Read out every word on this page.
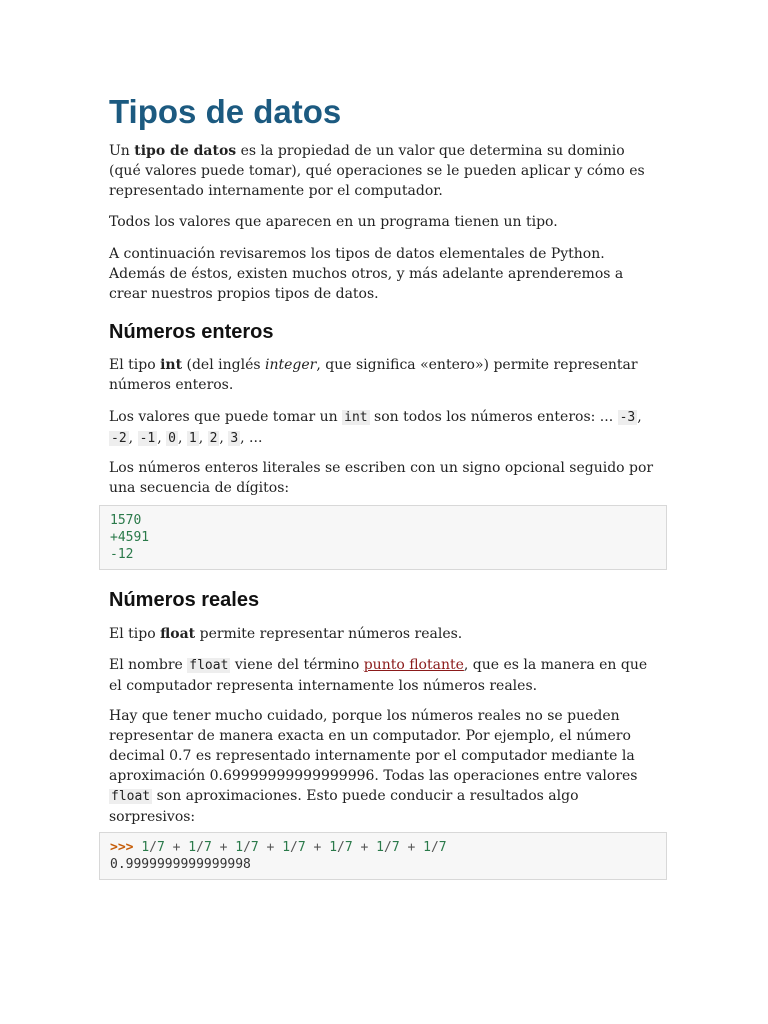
Tipos de datos

Un tipo de datos es la propiedad de un valor que determina su dominio (qué valores puede tomar), qué operaciones se le pueden aplicar y cómo es representado internamente por el computador.

Todos los valores que aparecen en un programa tienen un tipo.

A continuación revisaremos los tipos de datos elementales de Python. Además de éstos, existen muchos otros, y más adelante aprenderemos a crear nuestros propios tipos de datos.

Números enteros

El tipo int (del inglés integer, que significa «entero») permite representar números enteros.

Los valores que puede tomar un int son todos los números enteros: ... -3 , -2 , -1 , 0 , 1 , 2 , 3 , ...

Los números enteros literales se escriben con un signo opcional seguido por una secuencia de dígitos:

1570
+4591
-12
Números reales

El tipo float permite representar números reales.

El nombre float viene del término punto flotante, que es la manera en que el computador representa internamente los números reales.

Hay que tener mucho cuidado, porque los números reales no se pueden representar de manera exacta en un computador. Por ejemplo, el número decimal 0.7 es representado internamente por el computador mediante la aproximación 0.69999999999999996. Todas las operaciones entre valores float son aproximaciones. Esto puede conducir a resultados algo sorpresivos:

>>> 1/7 + 1/7 + 1/7 + 1/7 + 1/7 + 1/7 + 1/7
0.9999999999999998
